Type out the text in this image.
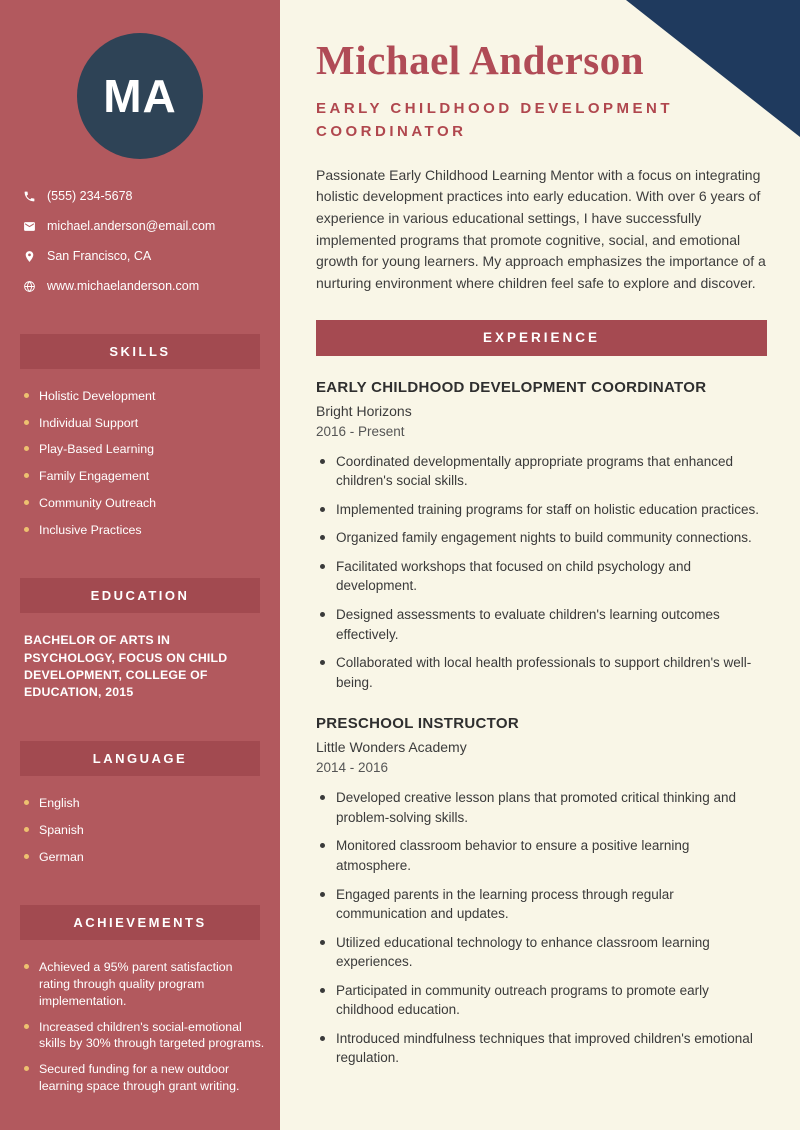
MA
(555) 234-5678
michael.anderson@email.com
San Francisco, CA
www.michaelanderson.com
SKILLS
Holistic Development
Individual Support
Play-Based Learning
Family Engagement
Community Outreach
Inclusive Practices
EDUCATION
BACHELOR OF ARTS IN PSYCHOLOGY, FOCUS ON CHILD DEVELOPMENT, COLLEGE OF EDUCATION, 2015
LANGUAGE
English
Spanish
German
ACHIEVEMENTS
Achieved a 95% parent satisfaction rating through quality program implementation.
Increased children's social-emotional skills by 30% through targeted programs.
Secured funding for a new outdoor learning space through grant writing.
Michael Anderson
EARLY CHILDHOOD DEVELOPMENT COORDINATOR

Passionate Early Childhood Learning Mentor with a focus on integrating holistic development practices into early education. With over 6 years of experience in various educational settings, I have successfully implemented programs that promote cognitive, social, and emotional growth for young learners. My approach emphasizes the importance of a nurturing environment where children feel safe to explore and discover.

EXPERIENCE
EARLY CHILDHOOD DEVELOPMENT COORDINATOR
Bright Horizons
2016 - Present
Coordinated developmentally appropriate programs that enhanced children's social skills.
Implemented training programs for staff on holistic education practices.
Organized family engagement nights to build community connections.
Facilitated workshops that focused on child psychology and development.
Designed assessments to evaluate children's learning outcomes effectively.
Collaborated with local health professionals to support children's well-being.
PRESCHOOL INSTRUCTOR
Little Wonders Academy
2014 - 2016
Developed creative lesson plans that promoted critical thinking and problem-solving skills.
Monitored classroom behavior to ensure a positive learning atmosphere.
Engaged parents in the learning process through regular communication and updates.
Utilized educational technology to enhance classroom learning experiences.
Participated in community outreach programs to promote early childhood education.
Introduced mindfulness techniques that improved children's emotional regulation.
